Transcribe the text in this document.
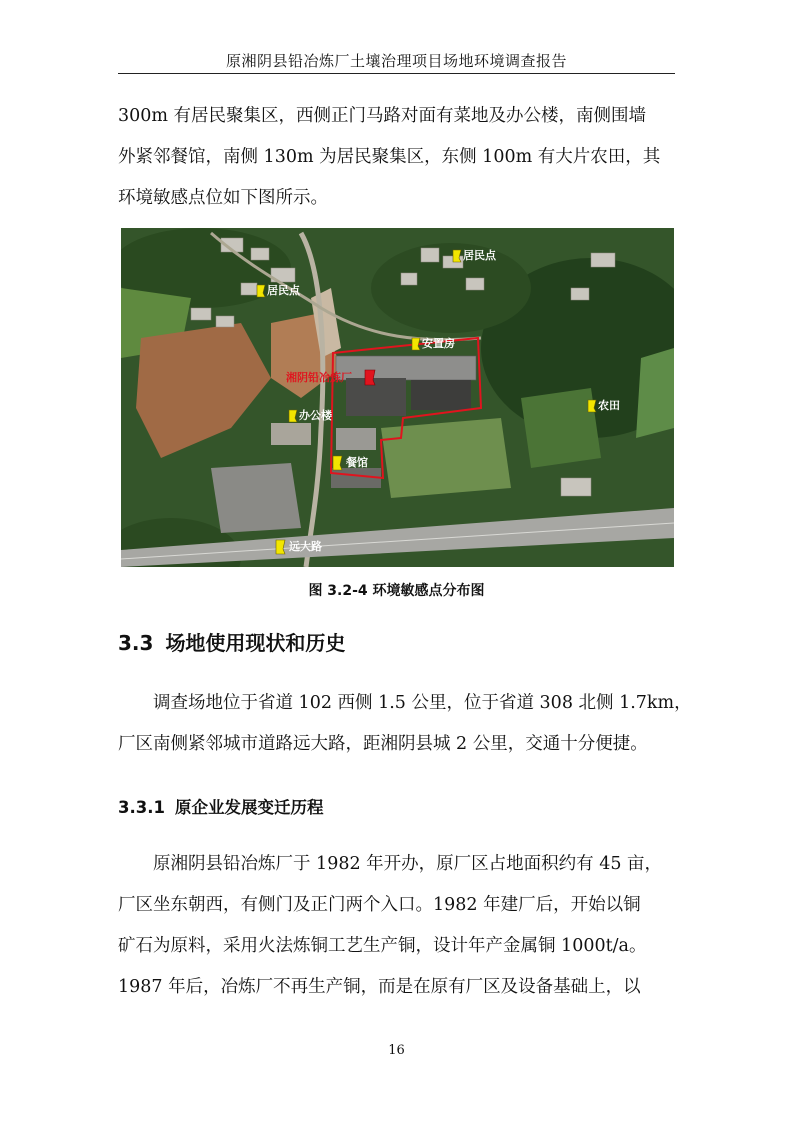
原湘阴县铅冶炼厂土壤治理项目场地环境调查报告
300m 有居民聚集区，西侧正门马路对面有菜地及办公楼，南侧围墙
外紧邻餐馆，南侧 130m 为居民聚集区，东侧 100m 有大片农田，其
环境敏感点位如下图所示。
居民点
居民点
安置房
湘阴铅冶炼厂
办公楼
农田
餐馆
远大路
图 3.2-4 环境敏感点分布图
3.3 场地使用现状和历史
调查场地位于省道 102 西侧 1.5 公里，位于省道 308 北侧 1.7km，
厂区南侧紧邻城市道路远大路，距湘阴县城 2 公里，交通十分便捷。
3.3.1 原企业发展变迁历程
原湘阴县铅冶炼厂于 1982 年开办，原厂区占地面积约有 45 亩，
厂区坐东朝西，有侧门及正门两个入口。1982 年建厂后，开始以铜
矿石为原料，采用火法炼铜工艺生产铜，设计年产金属铜 1000t/a。
1987 年后，冶炼厂不再生产铜，而是在原有厂区及设备基础上，以
16
